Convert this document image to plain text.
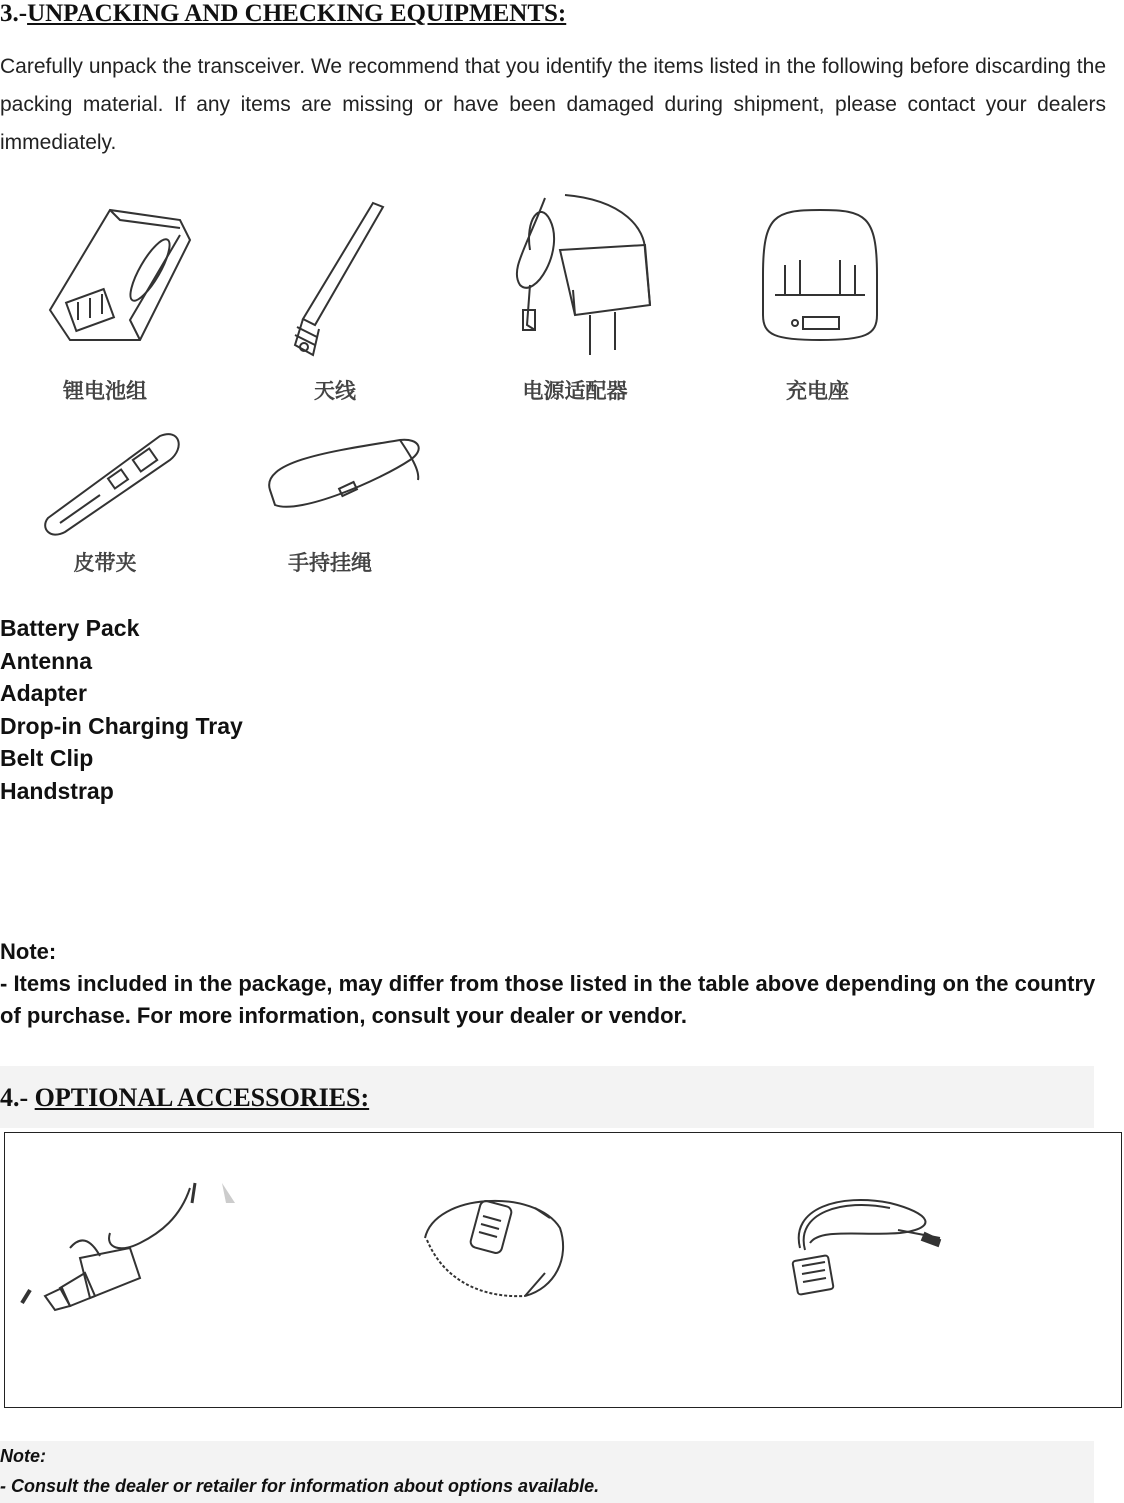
3.-UNPACKING AND CHECKING EQUIPMENTS:
Carefully unpack the transceiver. We recommend that you identify the items listed in the following before discarding the packing material. If any items are missing or have been damaged during shipment, please contact your dealers immediately.
锂电池组	天线	电源适配器	充电座
皮带夹	手持挂绳
Battery Pack
Antenna
Adapter
Drop-in Charging Tray
Belt Clip
Handstrap
Note:
- Items included in the package, may differ from those listed in the table above depending on the country of purchase. For more information, consult your dealer or vendor.
4.- OPTIONAL ACCESSORIES:
Note:
- Consult the dealer or retailer for information about options available.
